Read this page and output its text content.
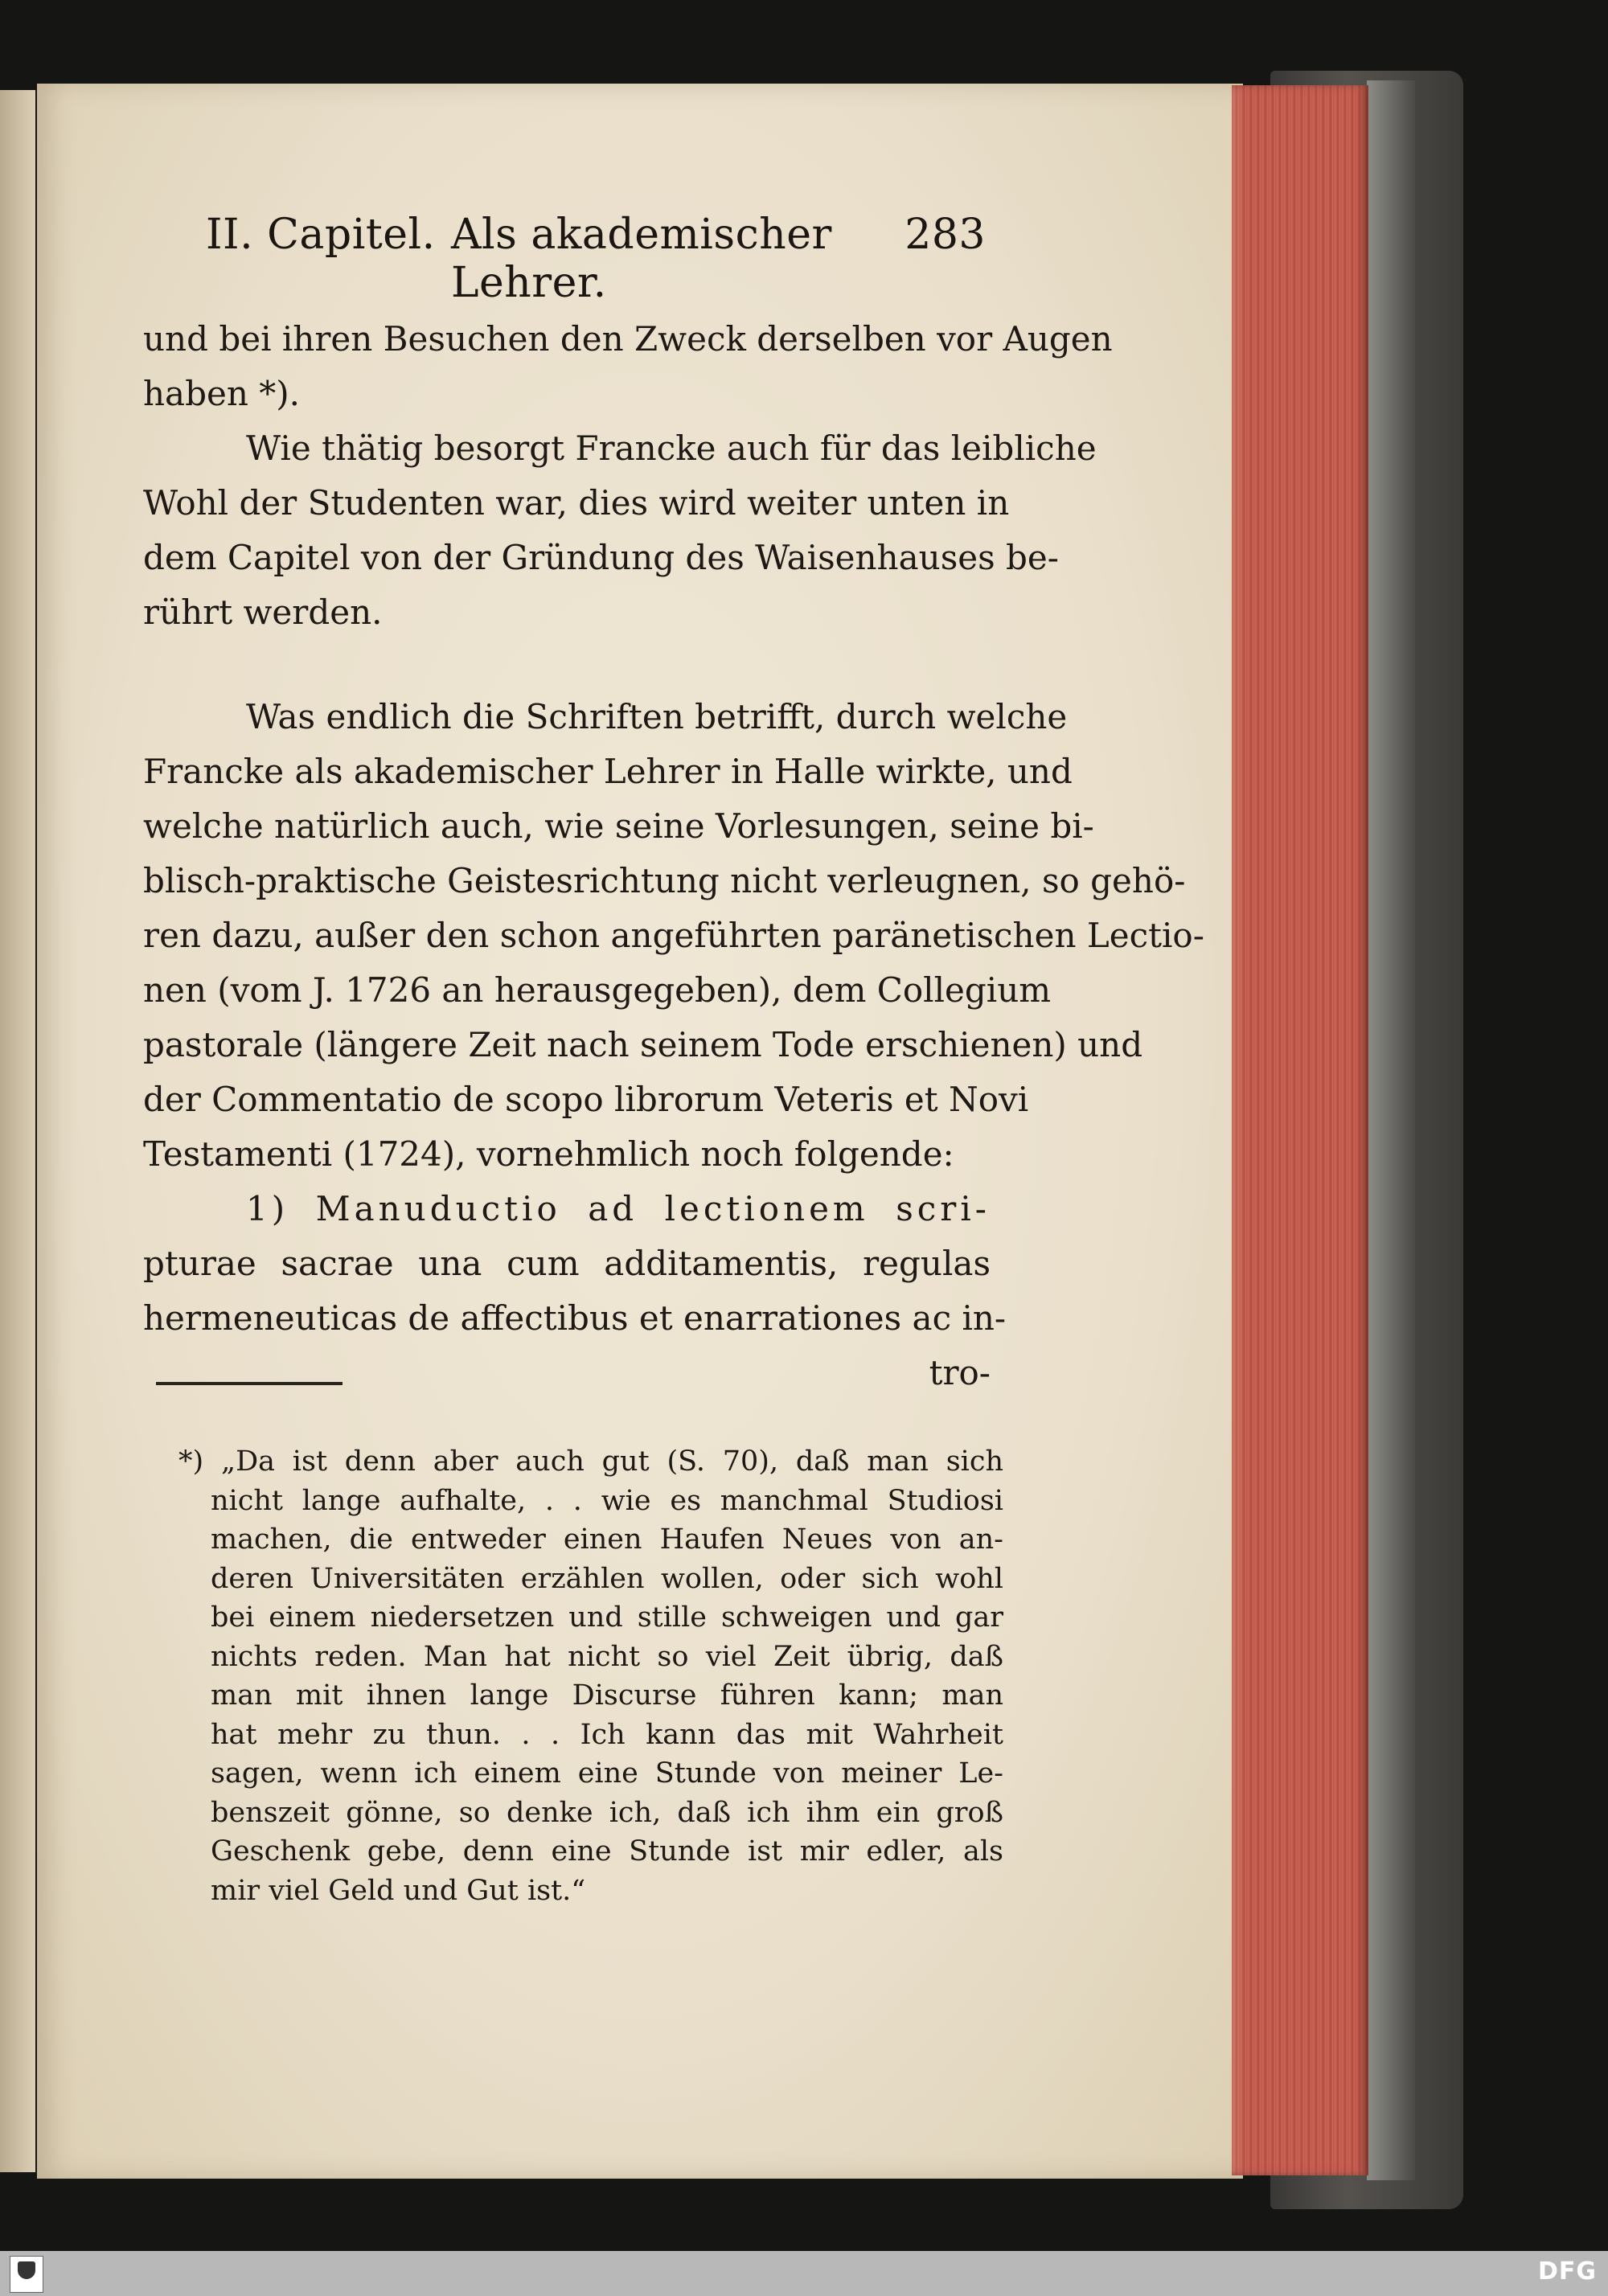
II. Capitel. Als akademischer Lehrer.
283
und bei ihren Besuchen den Zweck derselben vor Augen
haben *).
Wie thätig besorgt Francke auch für das leibliche
Wohl der Studenten war, dies wird weiter unten in
dem Capitel von der Gründung des Waisenhauses be-
rührt werden.
Was endlich die Schriften betrifft, durch welche
Francke als akademischer Lehrer in Halle wirkte, und
welche natürlich auch, wie seine Vorlesungen, seine bi-
blisch-praktische Geistesrichtung nicht verleugnen, so gehö-
ren dazu, außer den schon angeführten paränetischen Lectio-
nen (vom J. 1726 an herausgegeben), dem Collegium
pastorale (längere Zeit nach seinem Tode erschienen) und
der Commentatio de scopo librorum Veteris et Novi
Testamenti (1724), vornehmlich noch folgende:
1) Manuductio ad lectionem scri-
pturae sacrae una cum additamentis, regulas
hermeneuticas de affectibus et enarrationes ac in-
tro-
*) „Da ist denn aber auch gut (S. 70), daß man sich
nicht lange aufhalte, . . wie es manchmal Studiosi
machen, die entweder einen Haufen Neues von an-
deren Universitäten erzählen wollen, oder sich wohl
bei einem niedersetzen und stille schweigen und gar
nichts reden. Man hat nicht so viel Zeit übrig, daß
man mit ihnen lange Discurse führen kann; man
hat mehr zu thun. . . Ich kann das mit Wahrheit
sagen, wenn ich einem eine Stunde von meiner Le-
benszeit gönne, so denke ich, daß ich ihm ein groß
Geschenk gebe, denn eine Stunde ist mir edler, als
mir viel Geld und Gut ist.“
DFG
